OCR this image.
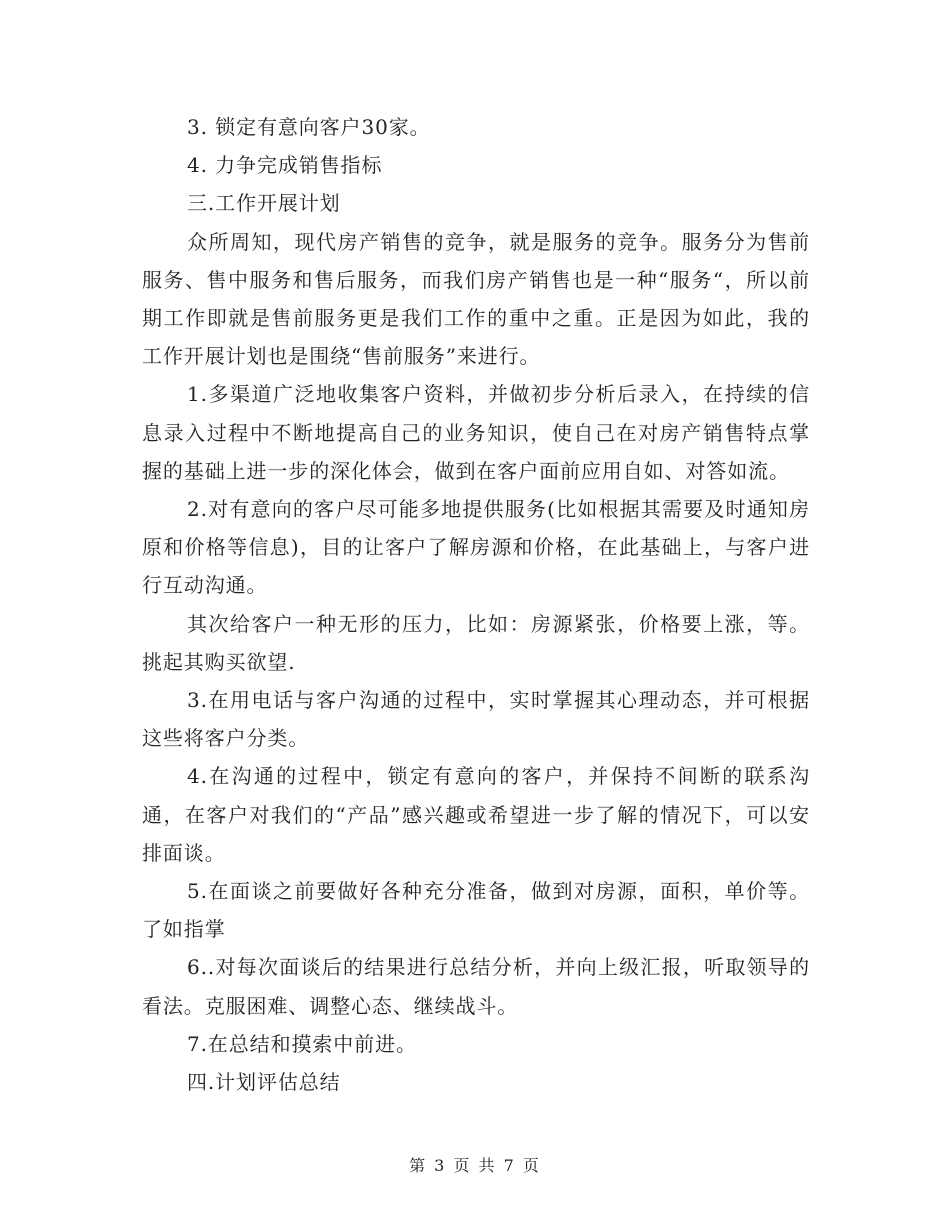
3. 锁定有意向客户30家。

4. 力争完成销售指标

三.工作开展计划

众所周知，现代房产销售的竞争，就是服务的竞争。服务分为售前服务、售中服务和售后服务，而我们房产销售也是一种“服务“，所以前期工作即就是售前服务更是我们工作的重中之重。正是因为如此，我的工作开展计划也是围绕“售前服务”来进行。

1.多渠道广泛地收集客户资料，并做初步分析后录入，在持续的信息录入过程中不断地提高自己的业务知识，使自己在对房产销售特点掌握的基础上进一步的深化体会，做到在客户面前应用自如、对答如流。

2.对有意向的客户尽可能多地提供服务(比如根据其需要及时通知房原和价格等信息)，目的让客户了解房源和价格，在此基础上，与客户进行互动沟通。

其次给客户一种无形的压力，比如：房源紧张，价格要上涨，等。挑起其购买欲望.

3.在用电话与客户沟通的过程中，实时掌握其心理动态，并可根据这些将客户分类。

4.在沟通的过程中，锁定有意向的客户，并保持不间断的联系沟通，在客户对我们的“产品”感兴趣或希望进一步了解的情况下，可以安排面谈。

5.在面谈之前要做好各种充分准备，做到对房源，面积，单价等。了如指掌

6..对每次面谈后的结果进行总结分析，并向上级汇报，听取领导的看法。克服困难、调整心态、继续战斗。

7.在总结和摸索中前进。

四.计划评估总结

第 3 页 共 7 页
